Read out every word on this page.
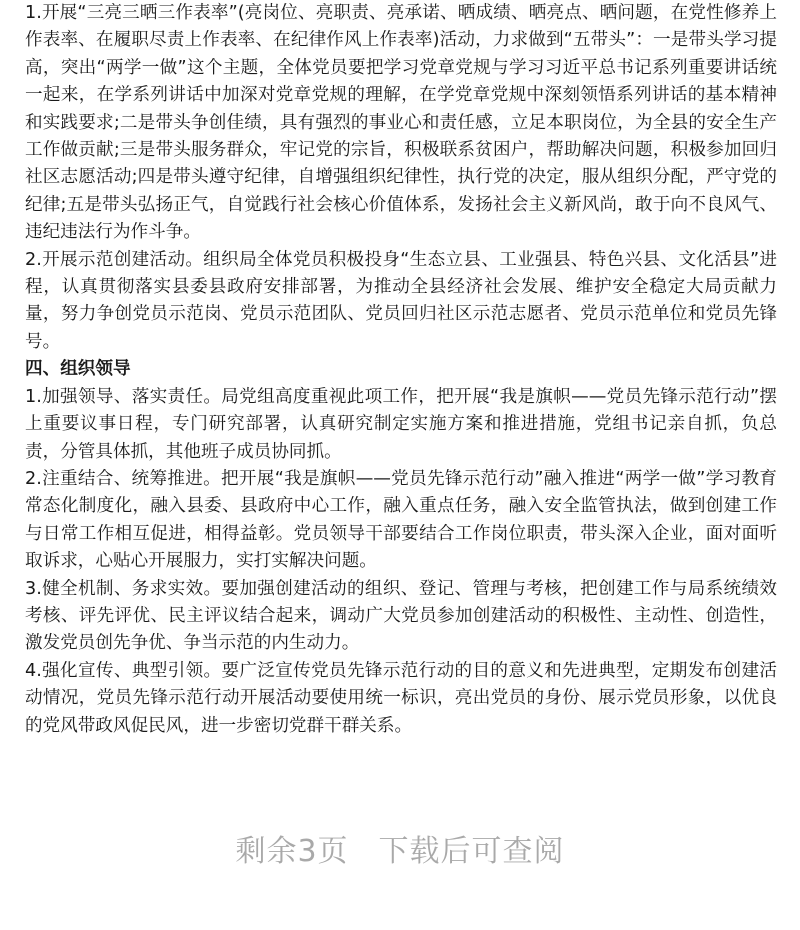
1.开展“三亮三晒三作表率”(亮岗位、亮职责、亮承诺、晒成绩、晒亮点、晒问题，在党性修养上作表率、在履职尽责上作表率、在纪律作风上作表率)活动，力求做到“五带头”：一是带头学习提高，突出“两学一做”这个主题，全体党员要把学习党章党规与学习习近平总书记系列重要讲话统一起来，在学系列讲话中加深对党章党规的理解，在学党章党规中深刻领悟系列讲话的基本精神和实践要求;二是带头争创佳绩，具有强烈的事业心和责任感，立足本职岗位，为全县的安全生产工作做贡献;三是带头服务群众，牢记党的宗旨，积极联系贫困户，帮助解决问题，积极参加回归社区志愿活动;四是带头遵守纪律，自增强组织纪律性，执行党的决定，服从组织分配，严守党的纪律;五是带头弘扬正气，自觉践行社会核心价值体系，发扬社会主义新风尚，敢于向不良风气、违纪违法行为作斗争。

2.开展示范创建活动。组织局全体党员积极投身“生态立县、工业强县、特色兴县、文化活县”进程，认真贯彻落实县委县政府安排部署，为推动全县经济社会发展、维护安全稳定大局贡献力量，努力争创党员示范岗、党员示范团队、党员回归社区示范志愿者、党员示范单位和党员先锋号。

四、组织领导

1.加强领导、落实责任。局党组高度重视此项工作，把开展“我是旗帜——党员先锋示范行动”摆上重要议事日程，专门研究部署，认真研究制定实施方案和推进措施，党组书记亲自抓，负总责，分管具体抓，其他班子成员协同抓。

2.注重结合、统筹推进。把开展“我是旗帜——党员先锋示范行动”融入推进“两学一做”学习教育常态化制度化，融入县委、县政府中心工作，融入重点任务，融入安全监管执法，做到创建工作与日常工作相互促进，相得益彰。党员领导干部要结合工作岗位职责，带头深入企业，面对面听取诉求，心贴心开展服力，实打实解决问题。

3.健全机制、务求实效。要加强创建活动的组织、登记、管理与考核，把创建工作与局系统绩效考核、评先评优、民主评议结合起来，调动广大党员参加创建活动的积极性、主动性、创造性，激发党员创先争优、争当示范的内生动力。

4.强化宣传、典型引领。要广泛宣传党员先锋示范行动的目的意义和先进典型，定期发布创建活动情况，党员先锋示范行动开展活动要使用统一标识，亮出党员的身份、展示党员形象，以优良的党风带政风促民风，进一步密切党群干群关系。

剩余3页 下载后可查阅
